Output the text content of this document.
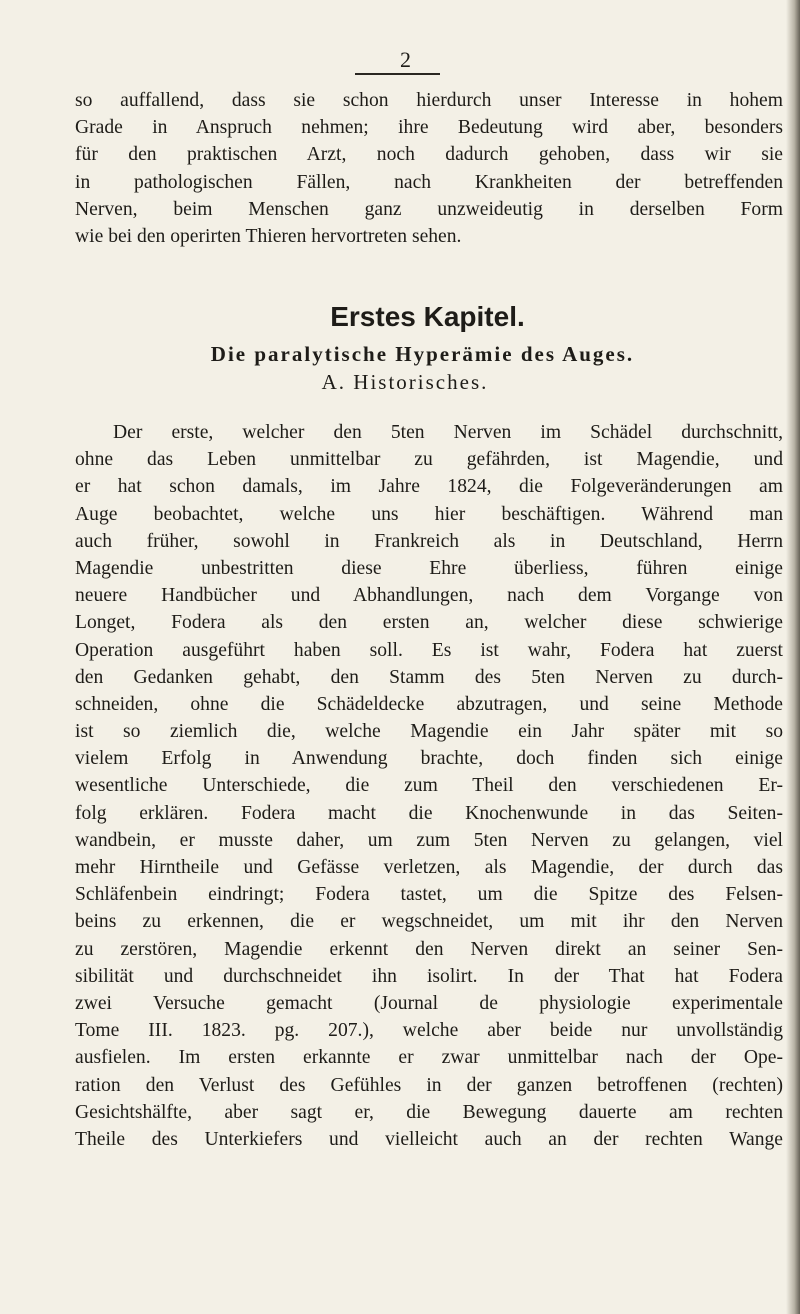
2
so auffallend, dass sie schon hierdurch unser Interesse in hohem
Grade in Anspruch nehmen; ihre Bedeutung wird aber, besonders
für den praktischen Arzt, noch dadurch gehoben, dass wir sie
in pathologischen Fällen, nach Krankheiten der betreffenden
Nerven, beim Menschen ganz unzweideutig in derselben Form
wie bei den operirten Thieren hervortreten sehen.
Erstes Kapitel.
Die paralytische Hyperämie des Auges.
A. Historisches.
Der erste, welcher den 5ten Nerven im Schädel durchschnitt,
ohne das Leben unmittelbar zu gefährden, ist Magendie, und
er hat schon damals, im Jahre 1824, die Folgeveränderungen am
Auge beobachtet, welche uns hier beschäftigen. Während man
auch früher, sowohl in Frankreich als in Deutschland, Herrn
Magendie unbestritten diese Ehre überliess, führen einige
neuere Handbücher und Abhandlungen, nach dem Vorgange von
Longet, Fodera als den ersten an, welcher diese schwierige
Operation ausgeführt haben soll. Es ist wahr, Fodera hat zuerst
den Gedanken gehabt, den Stamm des 5ten Nerven zu durch-
schneiden, ohne die Schädeldecke abzutragen, und seine Methode
ist so ziemlich die, welche Magendie ein Jahr später mit so
vielem Erfolg in Anwendung brachte, doch finden sich einige
wesentliche Unterschiede, die zum Theil den verschiedenen Er-
folg erklären. Fodera macht die Knochenwunde in das Seiten-
wandbein, er musste daher, um zum 5ten Nerven zu gelangen, viel
mehr Hirntheile und Gefässe verletzen, als Magendie, der durch das
Schläfenbein eindringt; Fodera tastet, um die Spitze des Felsen-
beins zu erkennen, die er wegschneidet, um mit ihr den Nerven
zu zerstören, Magendie erkennt den Nerven direkt an seiner Sen-
sibilität und durchschneidet ihn isolirt. In der That hat Fodera
zwei Versuche gemacht (Journal de physiologie experimentale
Tome III. 1823. pg. 207.), welche aber beide nur unvollständig
ausfielen. Im ersten erkannte er zwar unmittelbar nach der Ope-
ration den Verlust des Gefühles in der ganzen betroffenen (rechten)
Gesichtshälfte, aber sagt er, die Bewegung dauerte am rechten
Theile des Unterkiefers und vielleicht auch an der rechten Wange
